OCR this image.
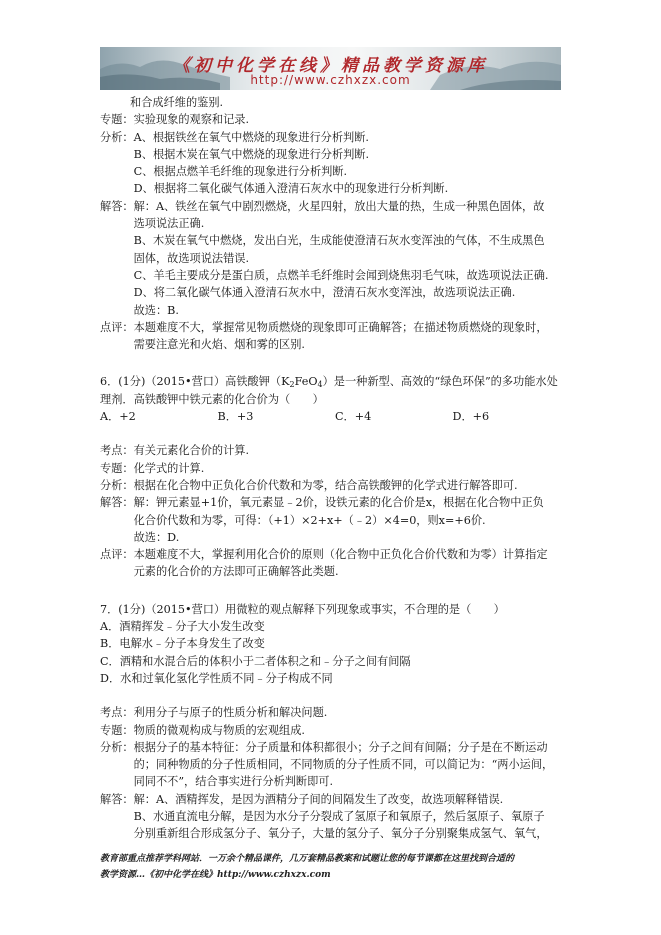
《初中化学在线》精品教学资源库
http://www.czhxzx.com
和合成纤维的鉴别.
专题： 实验现象的观察和记录.
分析： A、根据铁丝在氧气中燃烧的现象进行分析判断.
B、根据木炭在氧气中燃烧的现象进行分析判断.
C、根据点燃羊毛纤维的现象进行分析判断.
D、根据将二氧化碳气体通入澄清石灰水中的现象进行分析判断.
解答： 解：A、铁丝在氧气中剧烈燃烧，火星四射，放出大量的热，生成一种黑色固体，故
选项说法正确.
B、木炭在氧气中燃烧，发出白光，生成能使澄清石灰水变浑浊的气体，不生成黑色
固体，故选项说法错误.
C、羊毛主要成分是蛋白质，点燃羊毛纤维时会闻到烧焦羽毛气味，故选项说法正确.
D、将二氧化碳气体通入澄清石灰水中，澄清石灰水变浑浊，故选项说法正确.
故选：B.
点评： 本题难度不大，掌握常见物质燃烧的现象即可正确解答；在描述物质燃烧的现象时，
需要注意光和火焰、烟和雾的区别.
6．(1分)（2015•营口）高铁酸钾$(K_2FeO_4)$是一种新型、高效的“绿色环保”的多功能水处
理剂．高铁酸钾中铁元素的化合价为（　　）
A．+2	B．+3	C．+4	D．+6
考点： 有关元素化合价的计算.
专题： 化学式的计算.
分析： 根据在化合物中正负化合价代数和为零，结合高铁酸钾的化学式进行解答即可.
解答： 解：钾元素显+1价，氧元素显﹣2价，设铁元素的化合价是x，根据在化合物中正负
化合价代数和为零，可得：（+1）×2+x+（﹣2）×4=0，则x=+6价.
故选：D.
点评： 本题难度不大，掌握利用化合价的原则（化合物中正负化合价代数和为零）计算指定
元素的化合价的方法即可正确解答此类题.
7．(1分)（2015•营口）用微粒的观点解释下列现象或事实，不合理的是（　　）
A．酒精挥发﹣分子大小发生改变
B．电解水﹣分子本身发生了改变
C．酒精和水混合后的体积小于二者体积之和﹣分子之间有间隔
D．水和过氧化氢化学性质不同﹣分子构成不同
考点： 利用分子与原子的性质分析和解决问题.
专题： 物质的微观构成与物质的宏观组成.
分析： 根据分子的基本特征：分子质量和体积都很小；分子之间有间隔；分子是在不断运动
的；同种物质的分子性质相同，不同物质的分子性质不同，可以简记为：“两小运间，
同同不不”，结合事实进行分析判断即可.
解答： 解：A、酒精挥发，是因为酒精分子间的间隔发生了改变，故选项解释错误.
B、水通直流电分解，是因为水分子分裂成了氢原子和氧原子，然后氢原子、氧原子
分别重新组合形成氢分子、氧分子，大量的氢分子、氧分子分别聚集成氢气、氧气，
教育部重点推荐学科网站．一万余个精品课件，几万套精品教案和试题让您的每节课都在这里找到合适的
教学资源…《初中化学在线》http://www.czhxzx.com
